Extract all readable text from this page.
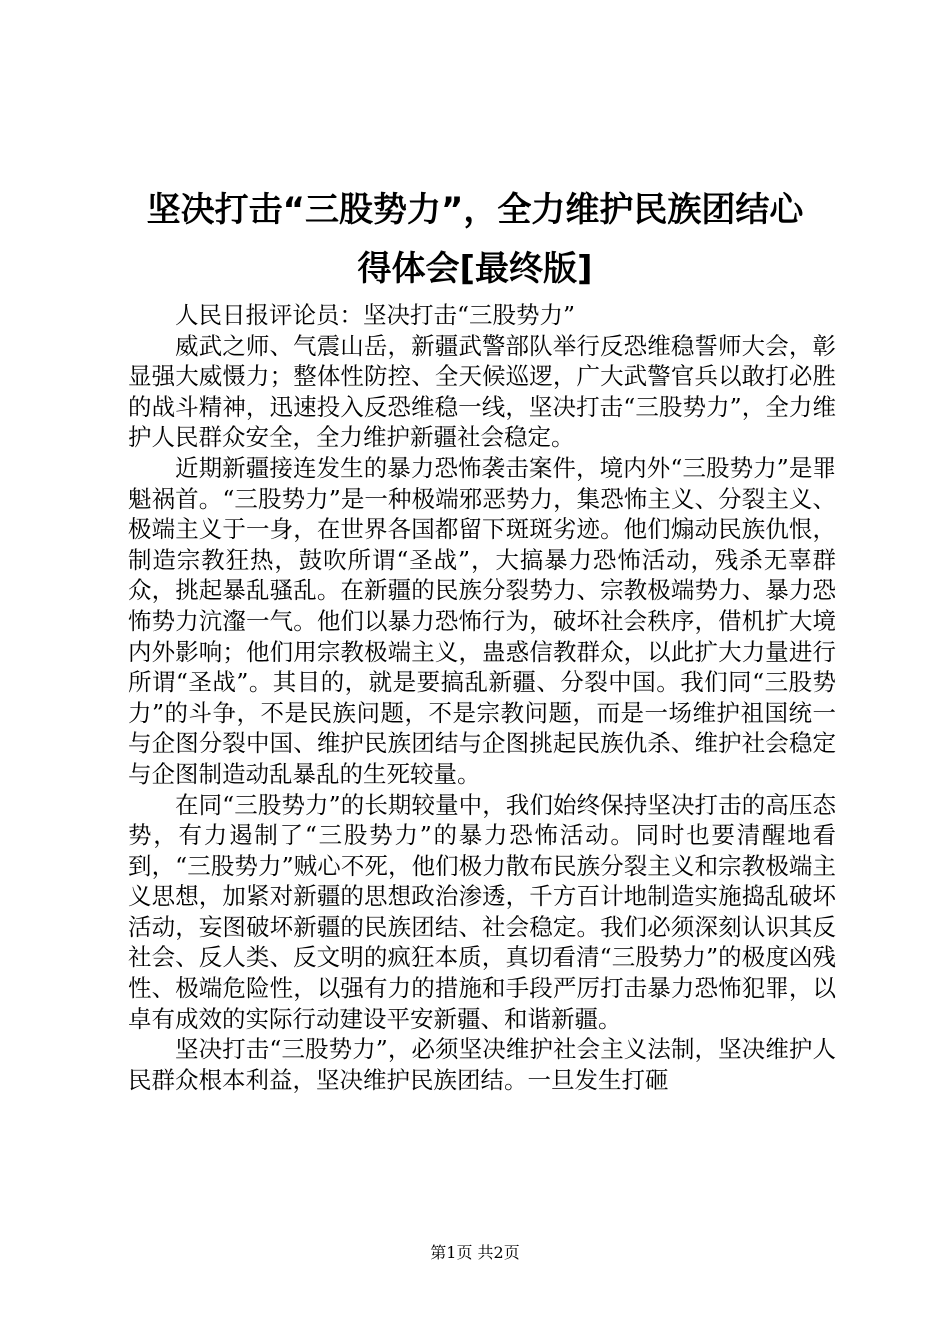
坚决打击“三股势力”，全力维护民族团结心
得体会[最终版]

人民日报评论员：坚决打击“三股势力”

威武之师、气震山岳，新疆武警部队举行反恐维稳誓师大会，彰显强大威慑力；整体性防控、全天候巡逻，广大武警官兵以敢打必胜的战斗精神，迅速投入反恐维稳一线，坚决打击“三股势力”，全力维护人民群众安全，全力维护新疆社会稳定。

近期新疆接连发生的暴力恐怖袭击案件，境内外“三股势力”是罪魁祸首。“三股势力”是一种极端邪恶势力，集恐怖主义、分裂主义、极端主义于一身，在世界各国都留下斑斑劣迹。他们煽动民族仇恨，制造宗教狂热，鼓吹所谓“圣战”，大搞暴力恐怖活动，残杀无辜群众，挑起暴乱骚乱。在新疆的民族分裂势力、宗教极端势力、暴力恐怖势力沆瀣一气。他们以暴力恐怖行为，破坏社会秩序，借机扩大境内外影响；他们用宗教极端主义，蛊惑信教群众，以此扩大力量进行所谓“圣战”。其目的，就是要搞乱新疆、分裂中国。我们同“三股势力”的斗争，不是民族问题，不是宗教问题，而是一场维护祖国统一与企图分裂中国、维护民族团结与企图挑起民族仇杀、维护社会稳定与企图制造动乱暴乱的生死较量。

在同“三股势力”的长期较量中，我们始终保持坚决打击的高压态势，有力遏制了“三股势力”的暴力恐怖活动。同时也要清醒地看到，“三股势力”贼心不死，他们极力散布民族分裂主义和宗教极端主义思想，加紧对新疆的思想政治渗透，千方百计地制造实施捣乱破坏活动，妄图破坏新疆的民族团结、社会稳定。我们必须深刻认识其反社会、反人类、反文明的疯狂本质，真切看清“三股势力”的极度凶残性、极端危险性，以强有力的措施和手段严厉打击暴力恐怖犯罪，以卓有成效的实际行动建设平安新疆、和谐新疆。

坚决打击“三股势力”，必须坚决维护社会主义法制，坚决维护人民群众根本利益，坚决维护民族团结。一旦发生打砸

第1页 共2页
